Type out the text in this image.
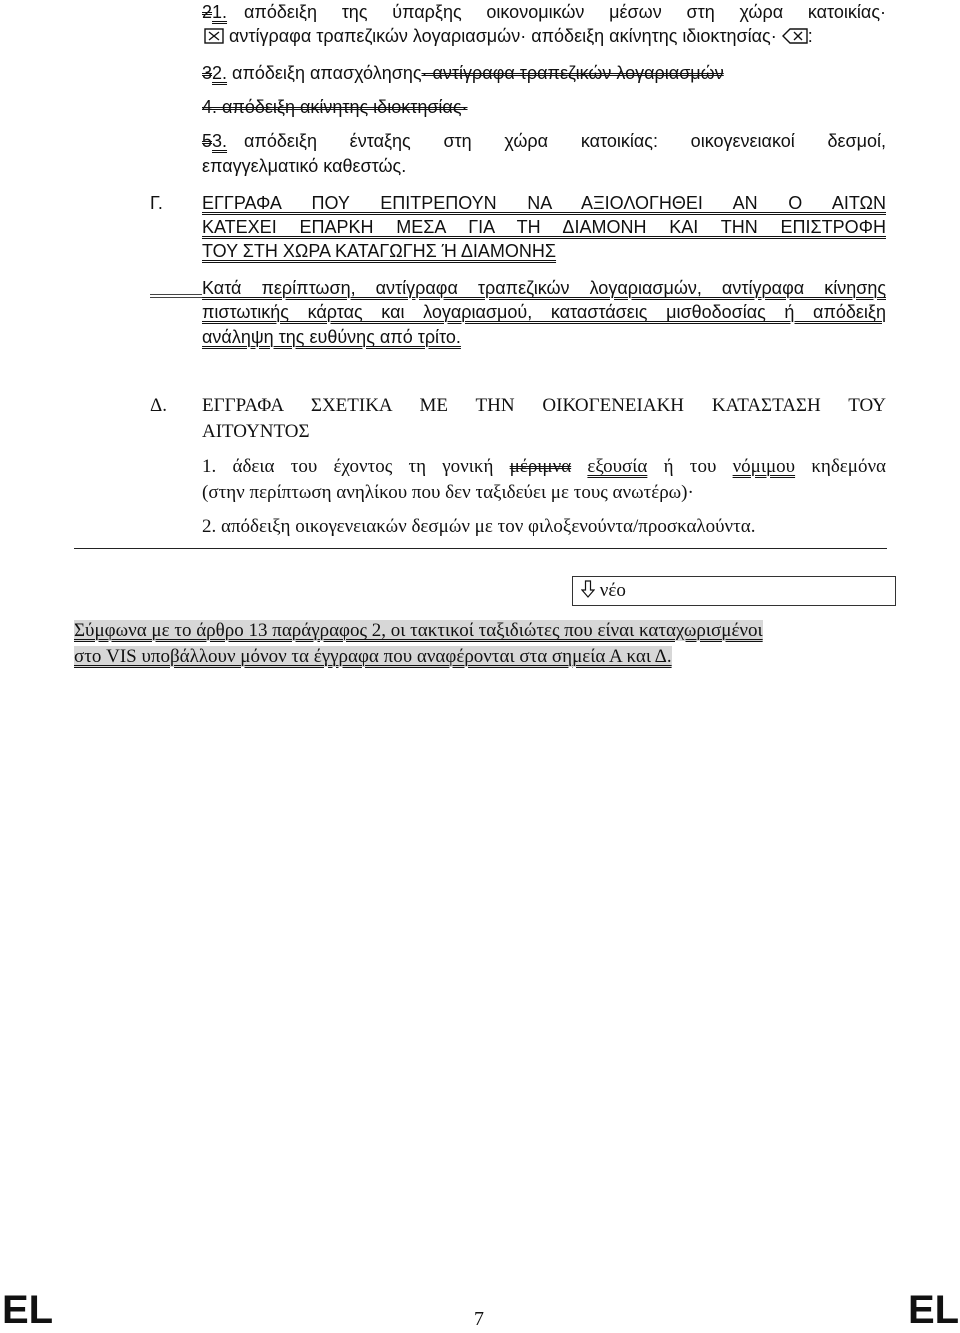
21. απόδειξη της ύπαρξης οικονομικών μέσων στη χώρα κατοικίας·
αντίγραφα τραπεζικών λογαριασμών· απόδειξη ακίνητης ιδιοκτησίας· :
32. απόδειξη απασχόλησης· αντίγραφα τραπεζικών λογαριασμών
4. απόδειξη ακίνητης ιδιοκτησίας·
53. απόδειξη ένταξης στη χώρα κατοικίας: οικογενειακοί δεσμοί,
επαγγελματικό καθεστώς.
Γ. ΕΓΓΡΑΦΑ ΠΟΥ ΕΠΙΤΡΕΠΟΥΝ ΝΑ ΑΞΙΟΛΟΓΗΘΕΙ ΑΝ Ο ΑΙΤΩΝ
ΚΑΤΕΧΕΙ ΕΠΑΡΚΗ ΜΕΣΑ ΓΙΑ ΤΗ ΔΙΑΜΟΝΗ ΚΑΙ ΤΗΝ ΕΠΙΣΤΡΟΦΗ
ΤΟΥ ΣΤΗ ΧΩΡΑ ΚΑΤΑΓΩΓΗΣ Ή ΔΙΑΜΟΝΗΣ
Κατά περίπτωση, αντίγραφα τραπεζικών λογαριασμών, αντίγραφα κίνησης
πιστωτικής κάρτας και λογαριασμού, καταστάσεις μισθοδοσίας ή απόδειξη
ανάληψη της ευθύνης από τρίτο.
Δ. ΕΓΓΡΑΦΑ ΣΧΕΤΙΚΑ ΜΕ ΤΗΝ ΟΙΚΟΓΕΝΕΙΑΚΗ ΚΑΤΑΣΤΑΣΗ ΤΟΥ
ΑΙΤΟΥΝΤΟΣ
1. άδεια του έχοντος τη γονική μέριμνα εξουσία ή του νόμιμου κηδεμόνα
(στην περίπτωση ανηλίκου που δεν ταξιδεύει με τους ανωτέρω)·
2. απόδειξη οικογενειακών δεσμών με τον φιλοξενούντα/προσκαλούντα.
νέο
Σύμφωνα με το άρθρο 13 παράγραφος 2, οι τακτικοί ταξιδιώτες που είναι καταχωρισμένοι
στο VIS υποβάλλουν μόνον τα έγγραφα που αναφέρονται στα σημεία Α και Δ.
EL	7	EL
